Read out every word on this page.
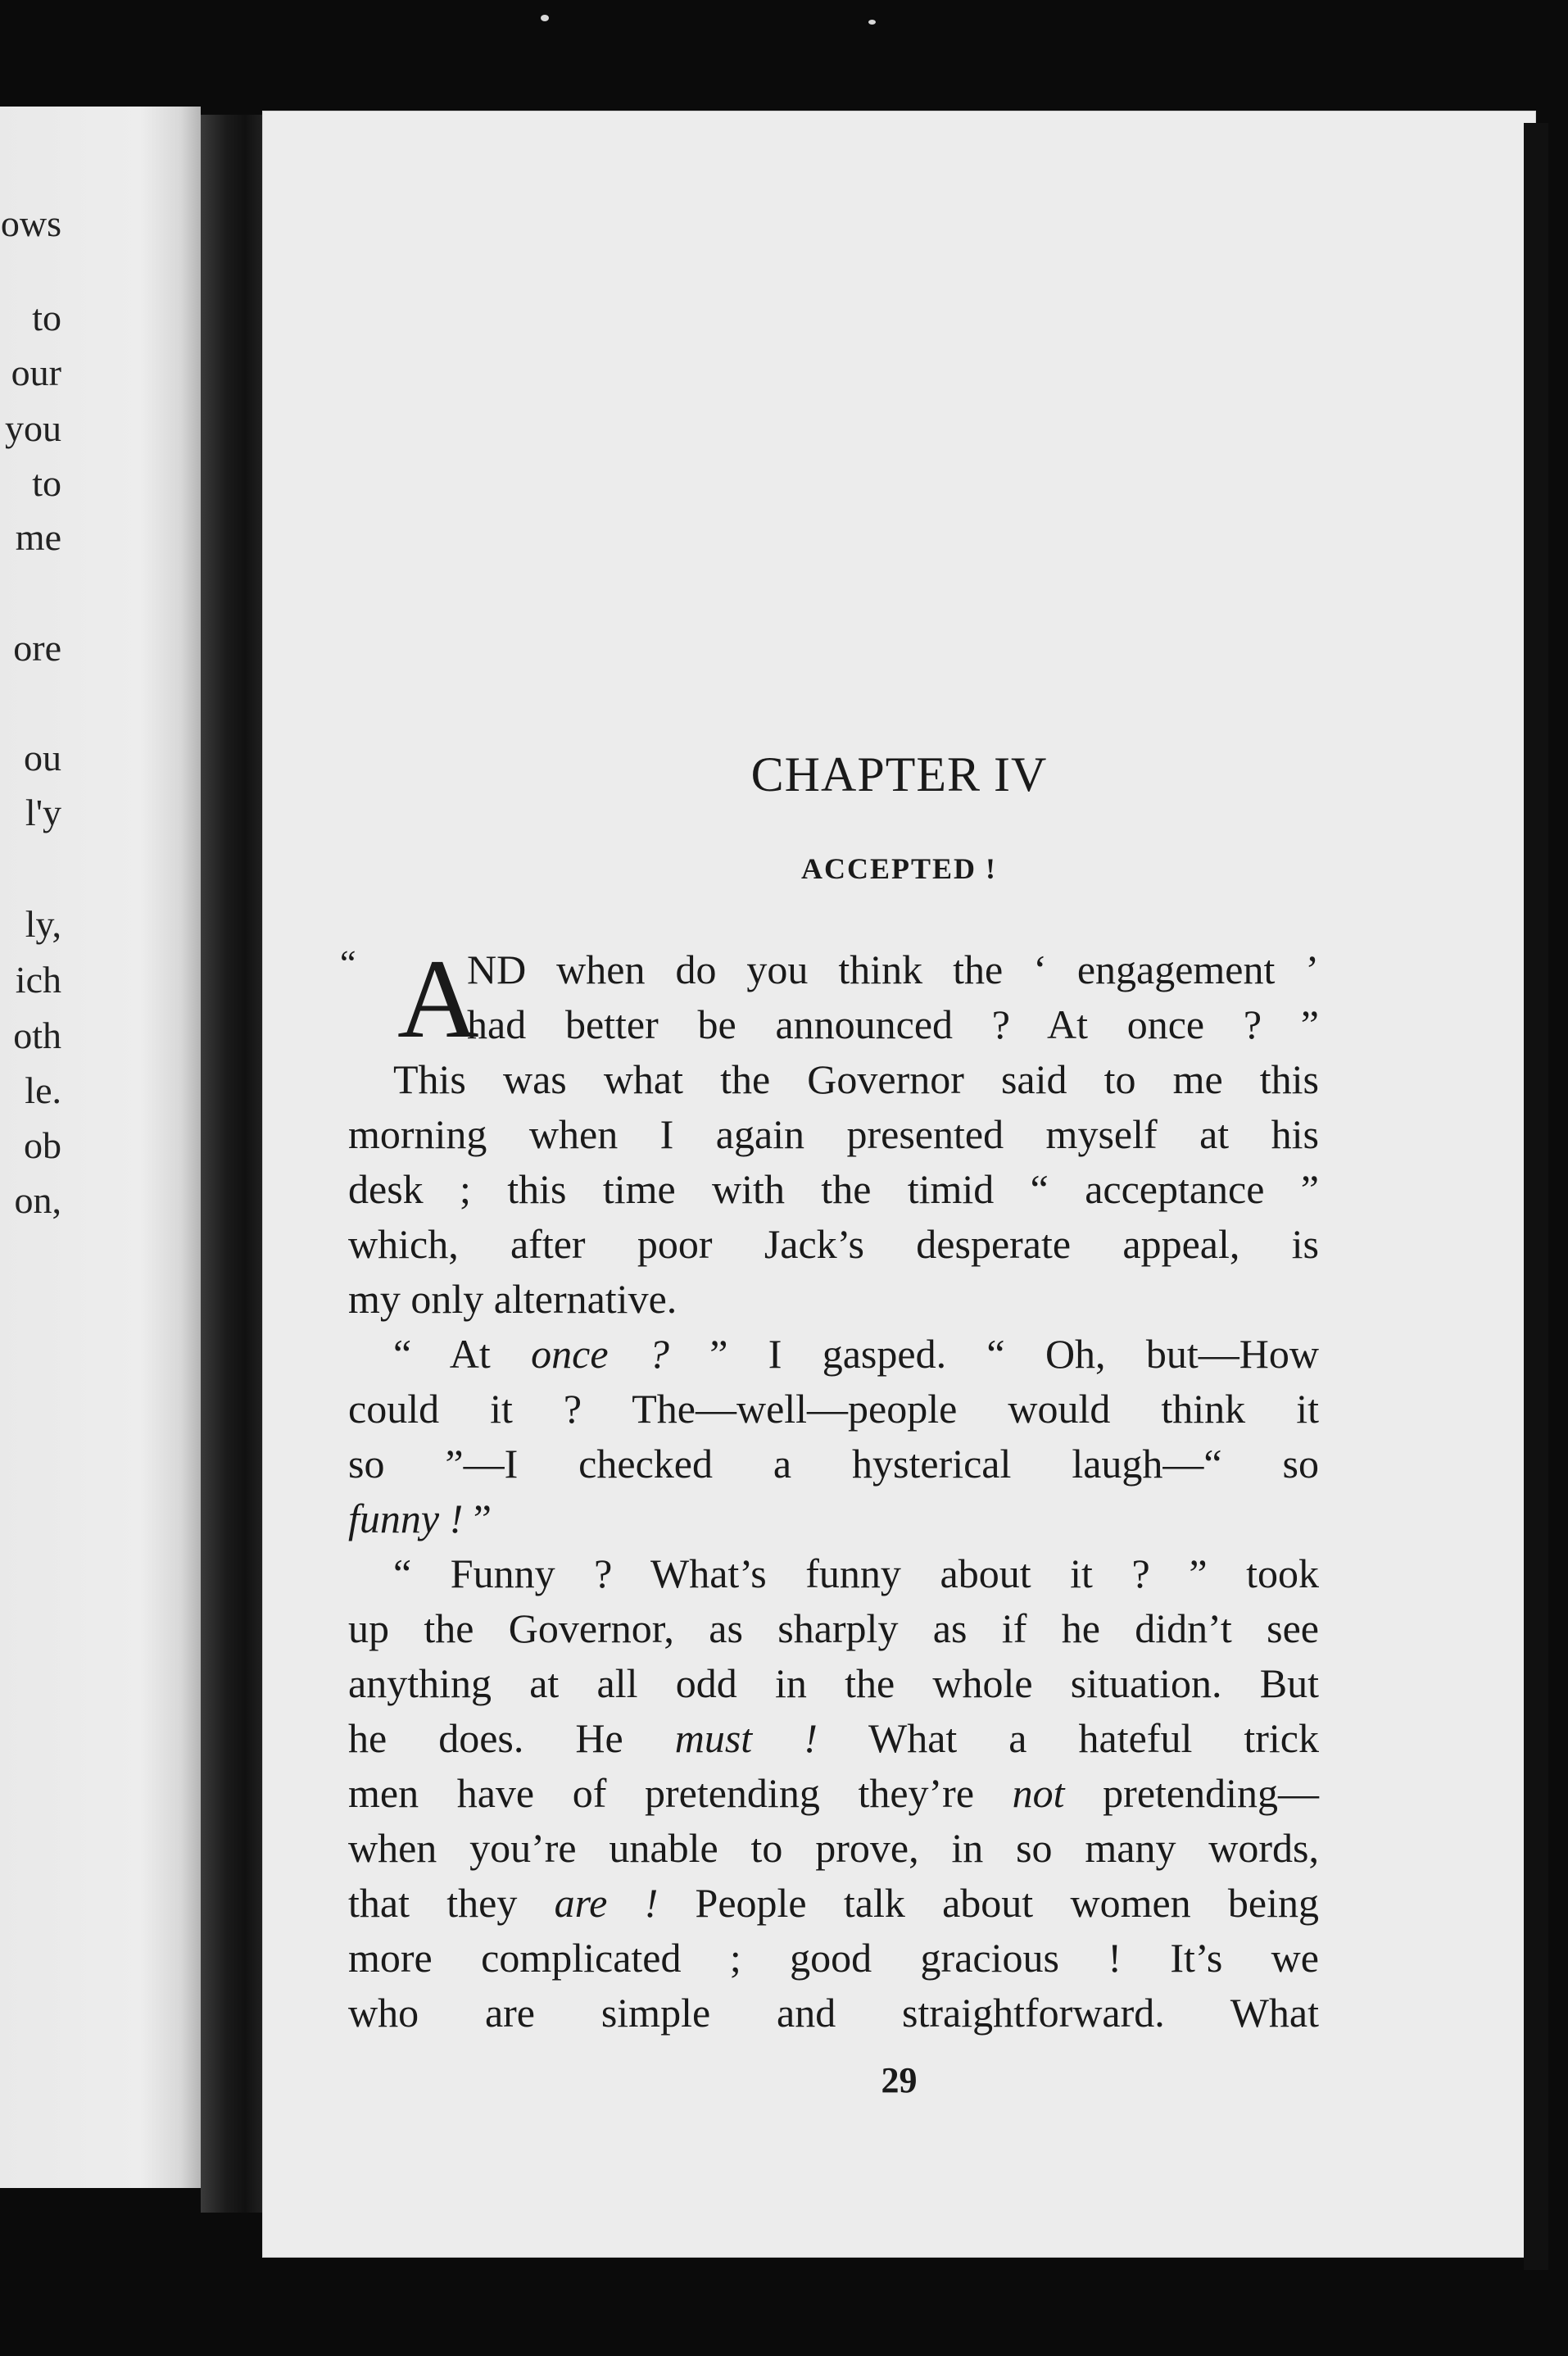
ows
to
our
you
to
me
ore
ou
l'y
ly,
ich
oth
le.
ob
on,
CHAPTER IV
ACCEPTED !
“ A
ND when do you think the ‘ engagement ’
had better be announced ? At once ? ”
This was what the Governor said to me this
morning when I again presented myself at his
desk ; this time with the timid “ acceptance ”
which, after poor Jack’s desperate appeal, is
my only alternative.
“ At once ? ” I gasped. “ Oh, but—How
could it ? The—well—people would think it
so ”—I checked a hysterical laugh—“ so
funny ! ”
“ Funny ? What’s funny about it ? ” took
up the Governor, as sharply as if he didn’t see
anything at all odd in the whole situation. But
he does. He must ! What a hateful trick
men have of pretending they’re not pretending—
when you’re unable to prove, in so many words,
that they are ! People talk about women being
more complicated ; good gracious ! It’s we
who are simple and straightforward. What
29
